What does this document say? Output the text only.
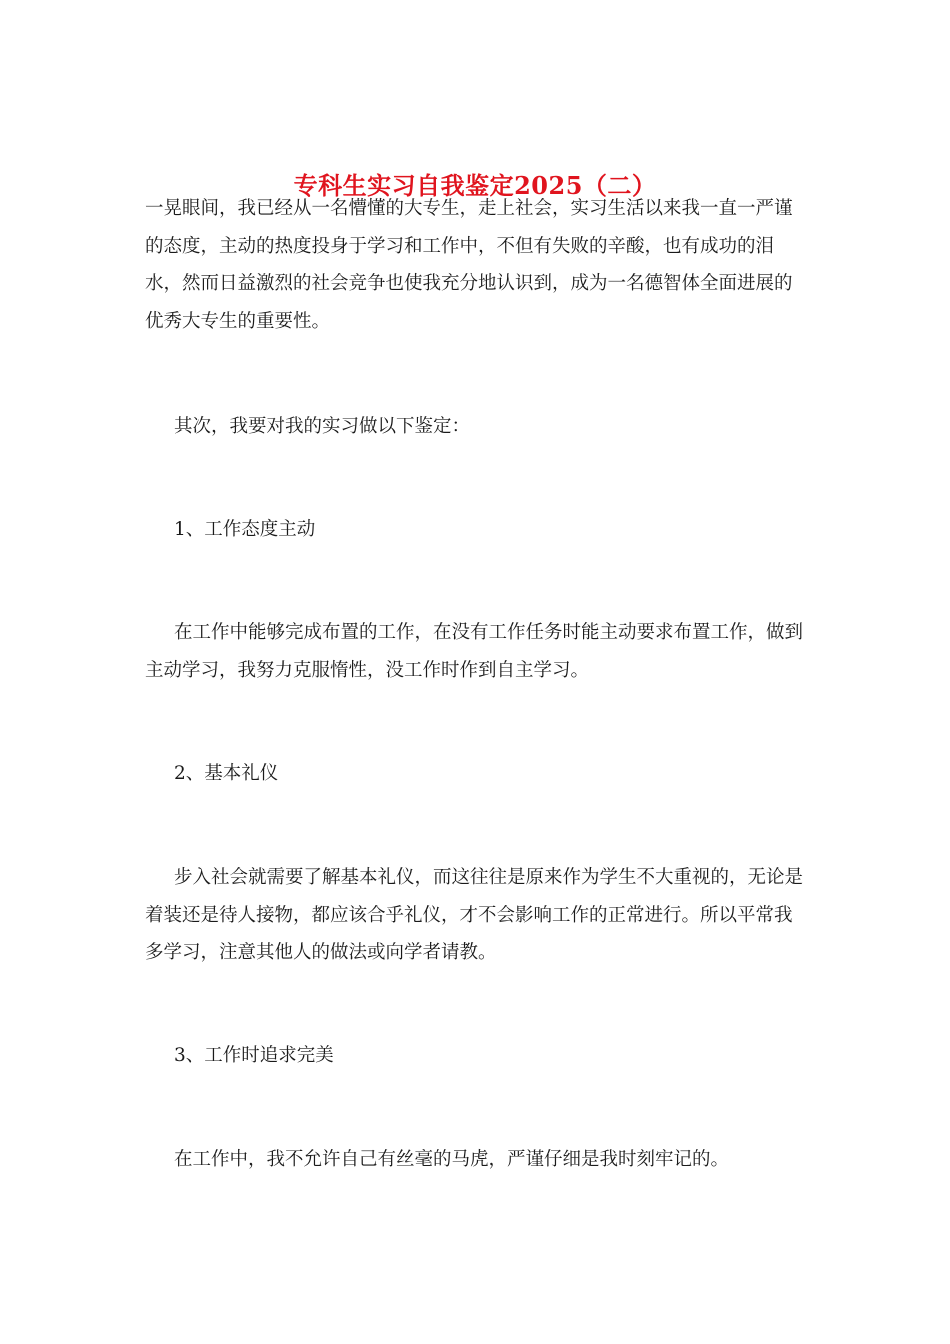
专科生实习自我鉴定2025（二）

一晃眼间，我已经从一名懵懂的大专生，走上社会，实习生活以来我一直一严谨的态度，主动的热度投身于学习和工作中，不但有失败的辛酸，也有成功的泪水，然而日益激烈的社会竞争也使我充分地认识到，成为一名德智体全面进展的优秀大专生的重要性。

其次，我要对我的实习做以下鉴定：

1、工作态度主动

在工作中能够完成布置的工作，在没有工作任务时能主动要求布置工作，做到主动学习，我努力克服惰性，没工作时作到自主学习。

2、基本礼仪

步入社会就需要了解基本礼仪，而这往往是原来作为学生不大重视的，无论是着装还是待人接物，都应该合乎礼仪，才不会影响工作的正常进行。所以平常我多学习，注意其他人的做法或向学者请教。

3、工作时追求完美

在工作中，我不允许自己有丝毫的马虎，严谨仔细是我时刻牢记的。
